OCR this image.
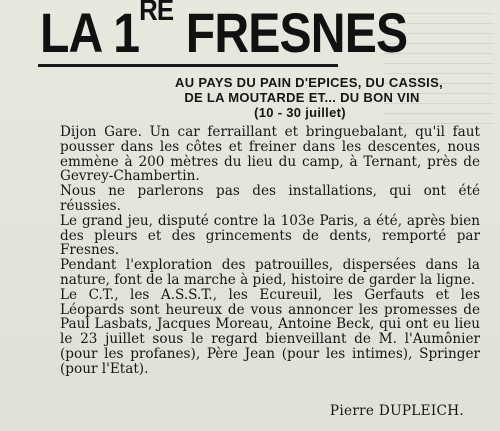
LA 1RE FRESNES
AU PAYS DU PAIN D'EPICES, DU CASSIS,
DE LA MOUTARDE ET... DU BON VIN
(10 - 30 juillet)

Dijon Gare. Un car ferraillant et bringuebalant, qu'il faut pousser dans les côtes et freiner dans les descentes, nous emmène à 200 mètres du lieu du camp, à Ternant, près de Gevrey-Chambertin.

Nous ne parlerons pas des installations, qui ont été réussies.

Le grand jeu, disputé contre la 103e Paris, a été, après bien des pleurs et des grincements de dents, remporté par Fresnes.

Pendant l'exploration des patrouilles, dispersées dans la nature, font de la marche à pied, histoire de garder la ligne.

Le C.T., les A.S.S.T., les Ecureuil, les Gerfauts et les Léopards sont heureux de vous annoncer les promesses de Paul Lasbats, Jacques Moreau, Antoine Beck, qui ont eu lieu le 23 juillet sous le regard bienveillant de M. l'Aumônier (pour les profanes), Père Jean (pour les intimes), Springer (pour l'Etat).

Pierre DUPLEICH.
